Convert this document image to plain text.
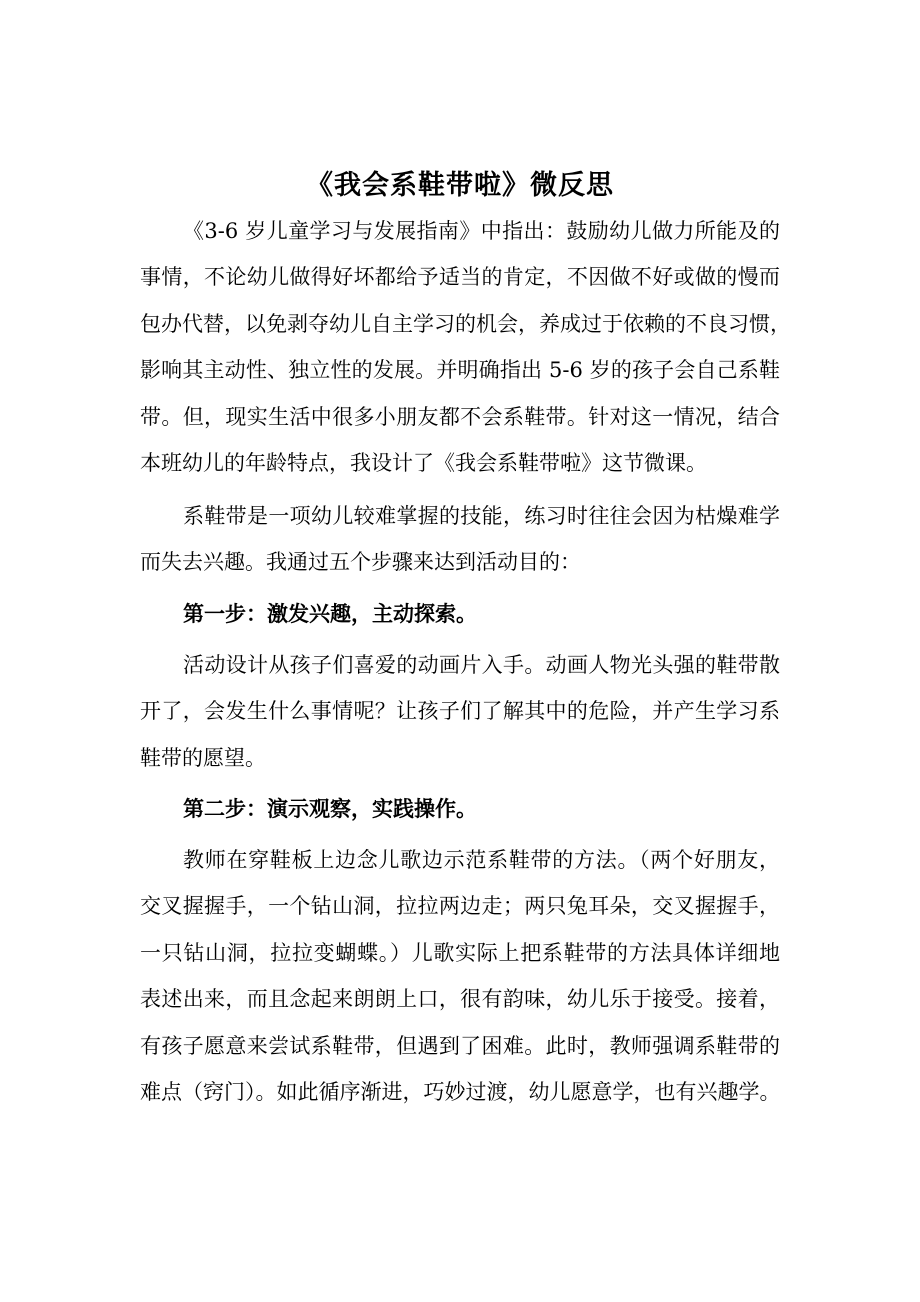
《我会系鞋带啦》微反思
《3-6 岁儿童学习与发展指南》中指出：鼓励幼儿做力所能及的
事情，不论幼儿做得好坏都给予适当的肯定，不因做不好或做的慢而
包办代替，以免剥夺幼儿自主学习的机会，养成过于依赖的不良习惯，
影响其主动性、独立性的发展。并明确指出 5-6 岁的孩子会自己系鞋
带。但，现实生活中很多小朋友都不会系鞋带。针对这一情况，结合
本班幼儿的年龄特点，我设计了《我会系鞋带啦》这节微课。
系鞋带是一项幼儿较难掌握的技能，练习时往往会因为枯燥难学
而失去兴趣。我通过五个步骤来达到活动目的：
第一步：激发兴趣，主动探索。
活动设计从孩子们喜爱的动画片入手。动画人物光头强的鞋带散
开了，会发生什么事情呢？让孩子们了解其中的危险，并产生学习系
鞋带的愿望。
第二步：演示观察，实践操作。
教师在穿鞋板上边念儿歌边示范系鞋带的方法。（两个好朋友，
交叉握握手，一个钻山洞，拉拉两边走；两只兔耳朵，交叉握握手，
一只钻山洞，拉拉变蝴蝶。）儿歌实际上把系鞋带的方法具体详细地
表述出来，而且念起来朗朗上口，很有韵味，幼儿乐于接受。接着，
有孩子愿意来尝试系鞋带，但遇到了困难。此时，教师强调系鞋带的
难点（窍门）。如此循序渐进，巧妙过渡，幼儿愿意学，也有兴趣学。
